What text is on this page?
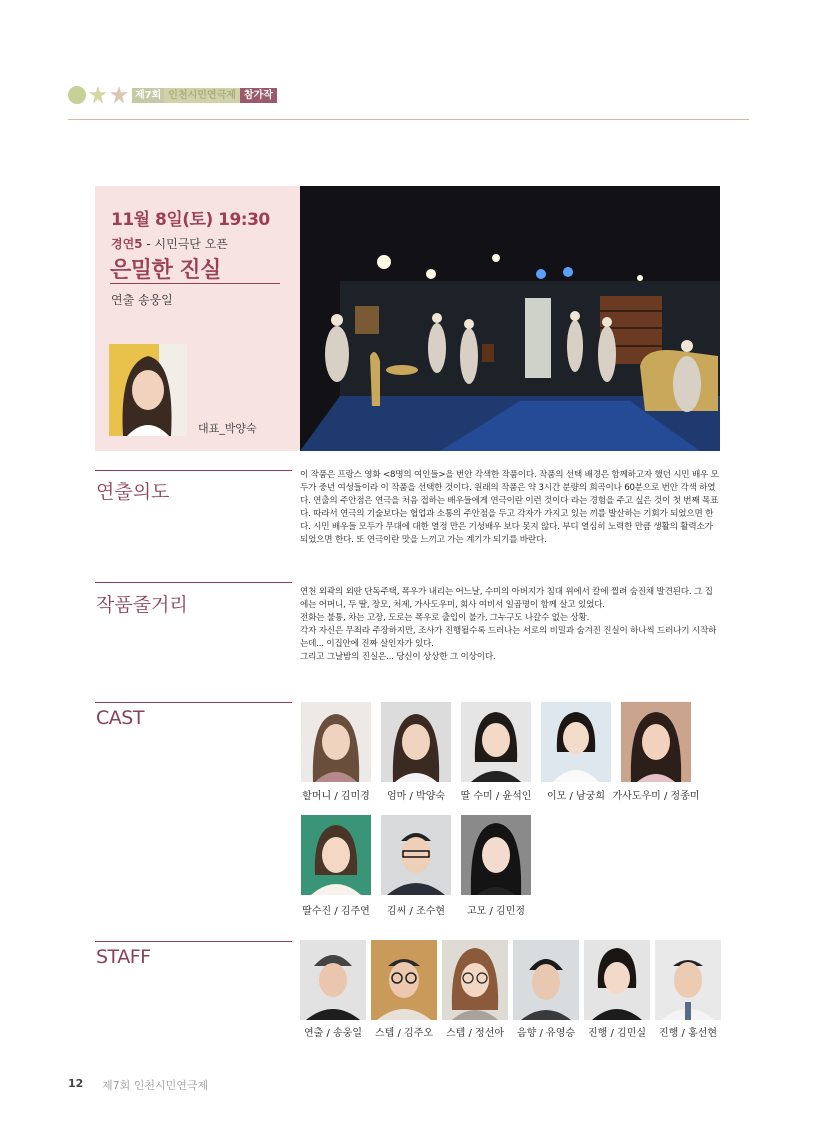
제7회 인천시민연극제 참가작
11월 8일(토) 19:30
경연5 - 시민극단 오픈
은밀한 진실
연출 송웅일
대표_박양숙
연출의도
이 작품은 프랑스 영화 <8명의 여인들>을 번안 각색한 작품이다. 작품의 선택 배경은 함께하고자 했던 시민 배우 모두가 중년 여성들이라 이 작품을 선택한 것이다. 원래의 작품은 약 3시간 분량의 희곡이나 60분으로 번안 각색 하였다. 연출의 주안점은 연극을 처음 접하는 배우들에게 연극이란 이런 것이다 라는 경험을 주고 싶은 것이 첫 번째 목표다. 따라서 연극의 기술보다는 협업과 소통의 주안점을 두고 각자가 가지고 있는 끼를 발산하는 기회가 되었으면 한다. 시민 배우들 모두가 무대에 대한 열정 만은 기성배우 보다 못지 않다. 부디 열심히 노력한 만큼 생활의 활력소가 되었으면 한다. 또 연극이란 맛을 느끼고 가는 계기가 되기를 바란다.
작품줄거리
연천 외곽의 외딴 단독주택, 폭우가 내리는 어느날, 수미의 아버지가 침대 위에서 칼에 찔려 숨진채 발견된다. 그 집에는 어머니, 두 딸, 장모, 처제, 가사도우미, 회사 여비서 일곱명이 함께 살고 있었다.
전화는 불통, 차는 고장, 도로는 폭우로 출입이 불가, 그누구도 나갈수 없는 상황.
각자 자신은 무죄라 주장하지만, 조사가 진행될수록 드러나는 서로의 비밀과 숨겨진 진실이 하나씩 드러나기 시작하는데... 이집안에 진짜 살인자가 있다.
그리고 그날밤의 진실은... 당신이 상상한 그 이상이다.
CAST
할머니 / 김미경	엄마 / 박양숙	딸 수미 / 윤석인	이모 / 남궁희 가사도우미 / 정종미
딸수진 / 김주연	김씨 / 조수현	고모 / 김민정
STAFF
연출 / 송웅일	스텝 / 김주오	스텝 / 정선아	음향 / 유영승	진행 / 김민실	진행 / 홍선현
12 제7회 인천시민연극제
